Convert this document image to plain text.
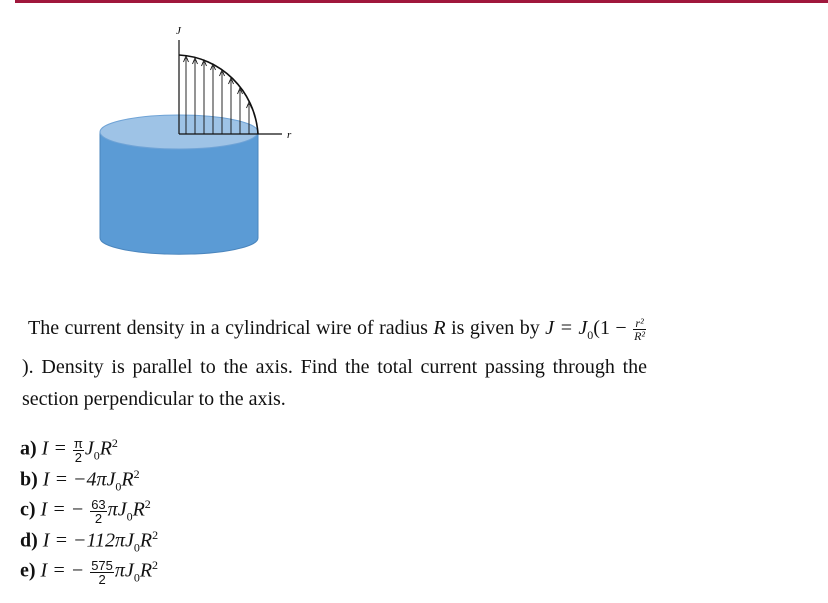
J
r
The current density in a cylindrical wire of radius R is given by $J = J_0(1 - \frac{\text{r²}}{\text{R²}}$
). Density is parallel to the axis. Find the total current passing through the section perpendicular to the axis.
a) $I = \frac{\pi}{2} J_0R^2$
b) $I = -4\pi J_0R^2$
c) I = − $\frac{63}{2} \pi J_0R^2$
d) $I = -112\pi J_0R^2$
e) I = − $\frac{575}{2} \pi J_0R^2$
